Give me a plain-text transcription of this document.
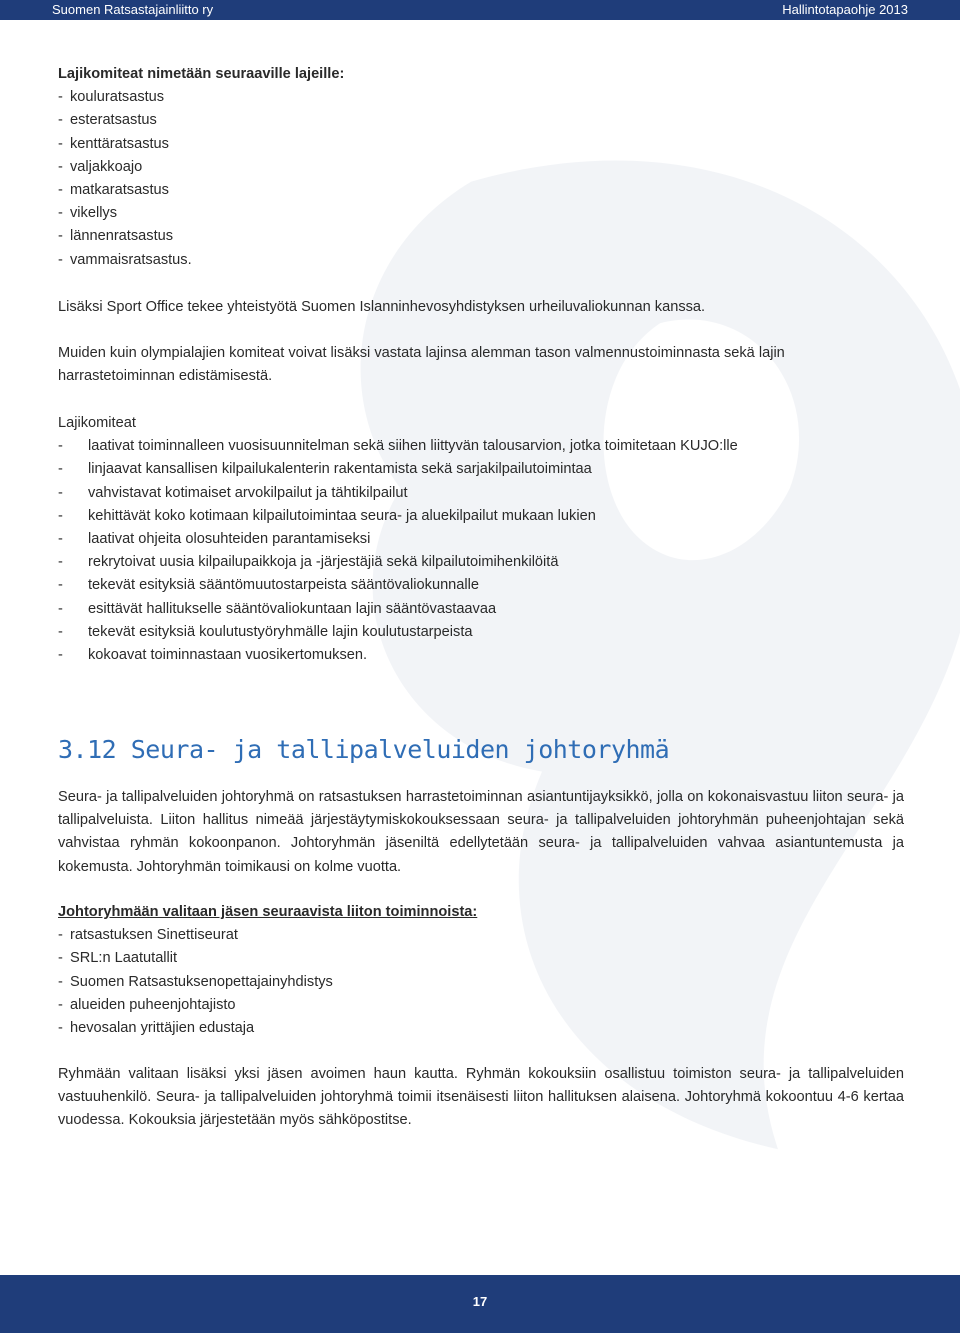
Suomen Ratsastajainliitto ry	Hallintotapaohje 2013
Lajikomiteat nimetään seuraaville lajeille:
- kouluratsastus
- esteratsastus
- kenttäratsastus
- valjakkoajo
- matkaratsastus
- vikellys
- lännenratsastus
- vammaisratsastus.

Lisäksi Sport Office tekee yhteistyötä Suomen Islanninhevosyhdistyksen urheiluvaliokunnan kanssa.

Muiden kuin olympialajien komiteat voivat lisäksi vastata lajinsa alemman tason valmennustoiminnasta sekä lajin harrastetoiminnan edistämisestä.

Lajikomiteat
- laativat toiminnalleen vuosisuunnitelman sekä siihen liittyvän talousarvion, jotka toimitetaan KUJO:lle
- linjaavat kansallisen kilpailukalenterin rakentamista sekä sarjakilpailutoimintaa
- vahvistavat kotimaiset arvokilpailut ja tähtikilpailut
- kehittävät koko kotimaan kilpailutoimintaa seura- ja aluekilpailut mukaan lukien
- laativat ohjeita olosuhteiden parantamiseksi
- rekrytoivat uusia kilpailupaikkoja ja -järjestäjiä sekä kilpailutoimihenkilöitä
- tekevät esityksiä sääntömuutostarpeista sääntövaliokunnalle
- esittävät hallitukselle sääntövaliokuntaan lajin sääntövastaavaa
- tekevät esityksiä koulutustyöryhmälle lajin koulutustarpeista
- kokoavat toiminnastaan vuosikertomuksen.

Seura- ja tallipalveluiden johtoryhmä on ratsastuksen harrastetoiminnan asiantuntijayksikkö, jolla on kokonaisvastuu liiton seura- ja tallipalveluista. Liiton hallitus nimeää järjestäytymiskokouksessaan seura- ja tallipalveluiden johtoryhmän puheenjohtajan sekä vahvistaa ryhmän kokoonpanon. Johtoryhmän jäseniltä edellytetään seura- ja tallipalveluiden vahvaa asiantuntemusta ja kokemusta. Johtoryhmän toimikausi on kolme vuotta.

Johtoryhmään valitaan jäsen seuraavista liiton toiminnoista:
- ratsastuksen Sinettiseurat
- SRL:n Laatutallit
- Suomen Ratsastuksenopettajainyhdistys
- alueiden puheenjohtajisto
- hevosalan yrittäjien edustaja

Ryhmään valitaan lisäksi yksi jäsen avoimen haun kautta. Ryhmän kokouksiin osallistuu toimiston seura- ja tallipalveluiden vastuuhenkilö. Seura- ja tallipalveluiden johtoryhmä toimii itsenäisesti liiton hallituksen alaisena. Johtoryhmä kokoontuu 4-6 kertaa vuodessa. Kokouksia järjestetään myös sähköpostitse.

3.12 Seura- ja tallipalveluiden johtoryhmä
17
